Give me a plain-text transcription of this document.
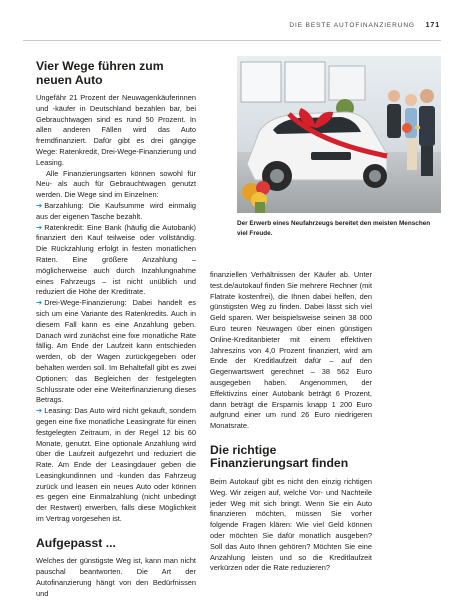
DIE BESTE AUTOFINANZIERUNG 171
Vier Wege führen zum neuen Auto

Ungefähr 21 Prozent der Neuwagenkäuferinnen und -käufer in Deutschland bezahlen bar, bei Gebrauchtwagen sind es rund 50 Prozent. In allen anderen Fällen wird das Auto fremdfinanziert. Dafür gibt es drei gängige Wege: Ratenkredit, Drei-Wege-Finanzierung und Leasing.

Alle Finanzierungsarten können sowohl für Neu- als auch für Gebrauchtwagen genutzt werden. Die Wege sind im Einzelnen:

➔ Barzahlung: Die Kaufsumme wird einmalig aus der eigenen Tasche bezahlt.

➔ Ratenkredit: Eine Bank (häufig die Autobank) finanziert den Kauf teilweise oder vollständig. Die Rückzahlung erfolgt in festen monatlichen Raten. Eine größere Anzahlung – möglicherweise auch durch Inzahlungnahme eines Fahrzeugs – ist nicht unüblich und reduziert die Höhe der Kreditrate.

➔ Drei-Wege-Finanzierung: Dabei handelt es sich um eine Variante des Ratenkredits. Auch in diesem Fall kann es eine Anzahlung geben. Danach wird zunächst eine fixe monatliche Rate fällig. Am Ende der Laufzeit kann entschieden werden, ob der Wagen zurückgegeben oder behalten werden soll. Im Behaltefall gibt es zwei Optionen: das Begleichen der festgelegten Schlussrate oder eine Weiterfinanzierung dieses Betrags.

➔ Leasing: Das Auto wird nicht gekauft, sondern gegen eine fixe monatliche Leasingrate für einen festgelegten Zeitraum, in der Regel 12 bis 60 Monate, genutzt. Eine optionale Anzahlung wird über die Laufzeit aufgezehrt und reduziert die Rate. Am Ende der Leasingdauer geben die Leasingkundinnen und -kunden das Fahrzeug zurück und leasen ein neues Auto oder können es gegen eine Einmalzahlung (nicht unbedingt der Restwert) erwerben, falls diese Möglichkeit im Vertrag vorgesehen ist.

Aufgepasst ...

Welches der günstigste Weg ist, kann man nicht pauschal beantworten. Die Art der Autofinanzierung hängt von den Bedürfnissen und

Der Erwerb eines Neufahrzeugs bereitet den meisten Menschen viel Freude.

finanziellen Verhältnissen der Käufer ab. Unter test.de/autokauf finden Sie mehrere Rechner (mit Flatrate kostenfrei), die Ihnen dabei helfen, den günstigsten Weg zu finden. Dabei lässt sich viel Geld sparen. Wer beispielsweise seinen 38 000 Euro teuren Neuwagen über einen günstigen Online-Kreditanbieter mit einem effektiven Jahreszins von 4,0 Prozent finanziert, wird am Ende der Kreditlaufzeit dafür – auf den Gegenwartswert gerechnet – 38 562 Euro ausgegeben haben. Angenommen, der Effektivzins einer Autobank beträgt 6 Prozent, dann beträgt die Ersparnis knapp 1 200 Euro aufgrund einer um rund 26 Euro niedrigeren Monatsrate.

Die richtige Finanzierungsart finden

Beim Autokauf gibt es nicht den einzig richtigen Weg. Wir zeigen auf, welche Vor- und Nachteile jeder Weg mit sich bringt. Wenn Sie ein Auto finanzieren möchten, müssen Sie vorher folgende Fragen klären: Wie viel Geld können oder möchten Sie dafür monatlich ausgeben? Soll das Auto Ihnen gehören? Möchten Sie eine Anzahlung leisten und so die Kreditlaufzeit verkürzen oder die Rate reduzieren?
